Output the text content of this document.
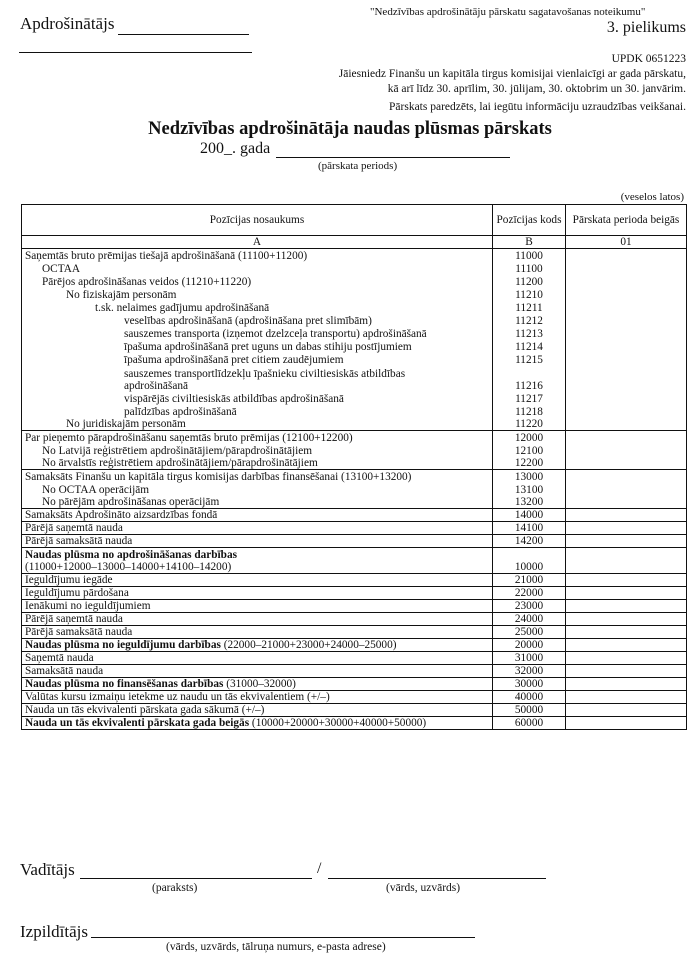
Apdrošinātājs
"Nedzīvības apdrošinātāju pārskatu sagatavošanas noteikumu"
3. pielikums
UPDK 0651223
Jāiesniedz Finanšu un kapitāla tirgus komisijai vienlaicīgi ar gada pārskatu,
kā arī līdz 30. aprīlim, 30. jūlijam, 30. oktobrim un 30. janvārim.
Pārskats paredzēts, lai iegūtu informāciju uzraudzības veikšanai.
Nedzīvības apdrošinātāja naudas plūsmas pārskats
200_. gada
(pārskata periods)
(veselos latos)
Pozīcijas nosaukums	Pozīcijas kods	Pārskata perioda beigās
A	B	01
Saņemtās bruto prēmijas tiešajā apdrošināšanā (11100+11200)	11000	
OCTAA	11100	
Pārējos apdrošināšanas veidos (11210+11220)	11200	
No fiziskajām personām	11210	
t.sk. nelaimes gadījumu apdrošināšanā	11211	
veselības apdrošināšanā (apdrošināšana pret slimībām)	11212	
sauszemes transporta (izņemot dzelzceļa transportu) apdrošināšanā	11213	
īpašuma apdrošināšanā pret uguns un dabas stihiju postījumiem	11214	
īpašuma apdrošināšanā pret citiem zaudējumiem	11215	
sauszemes transportlīdzekļu īpašnieku civiltiesiskās atbildības
apdrošināšanā	11216	
vispārējās civiltiesiskās atbildības apdrošināšanā	11217	
palīdzības apdrošināšanā	11218	
No juridiskajām personām	11220	
Par pieņemto pārapdrošināšanu saņemtās bruto prēmijas (12100+12200)	12000	
No Latvijā reģistrētiem apdrošinātājiem/pārapdrošinātājiem	12100	
No ārvalstīs reģistrētiem apdrošinātājiem/pārapdrošinātājiem	12200	
Samaksāts Finanšu un kapitāla tirgus komisijas darbības finansēšanai (13100+13200)	13000	
No OCTAA operācijām	13100	
No pārējām apdrošināšanas operācijām	13200	
Samaksāts Apdrošināto aizsardzības fondā	14000	
Pārējā saņemtā nauda	14100	
Pārējā samaksātā nauda	14200	
Naudas plūsma no apdrošināšanas darbības
(11000+12000–13000–14000+14100–14200)	10000	
Ieguldījumu iegāde	21000	
Ieguldījumu pārdošana	22000	
Ienākumi no ieguldījumiem	23000	
Pārējā saņemtā nauda	24000	
Pārējā samaksātā nauda	25000	
Naudas plūsma no ieguldījumu darbības (22000–21000+23000+24000–25000)	20000	
Saņemtā nauda	31000	
Samaksātā nauda	32000	
Naudas plūsma no finansēšanas darbības (31000–32000)	30000	
Valūtas kursu izmaiņu ietekme uz naudu un tās ekvivalentiem (+/–)	40000	
Nauda un tās ekvivalenti pārskata gada sākumā (+/–)	50000	
Nauda un tās ekvivalenti pārskata gada beigās (10000+20000+30000+40000+50000)	60000	
Vadītājs	/
(paraksts)	(vārds, uzvārds)
Izpildītājs
(vārds, uzvārds, tālruņa numurs, e-pasta adrese)
